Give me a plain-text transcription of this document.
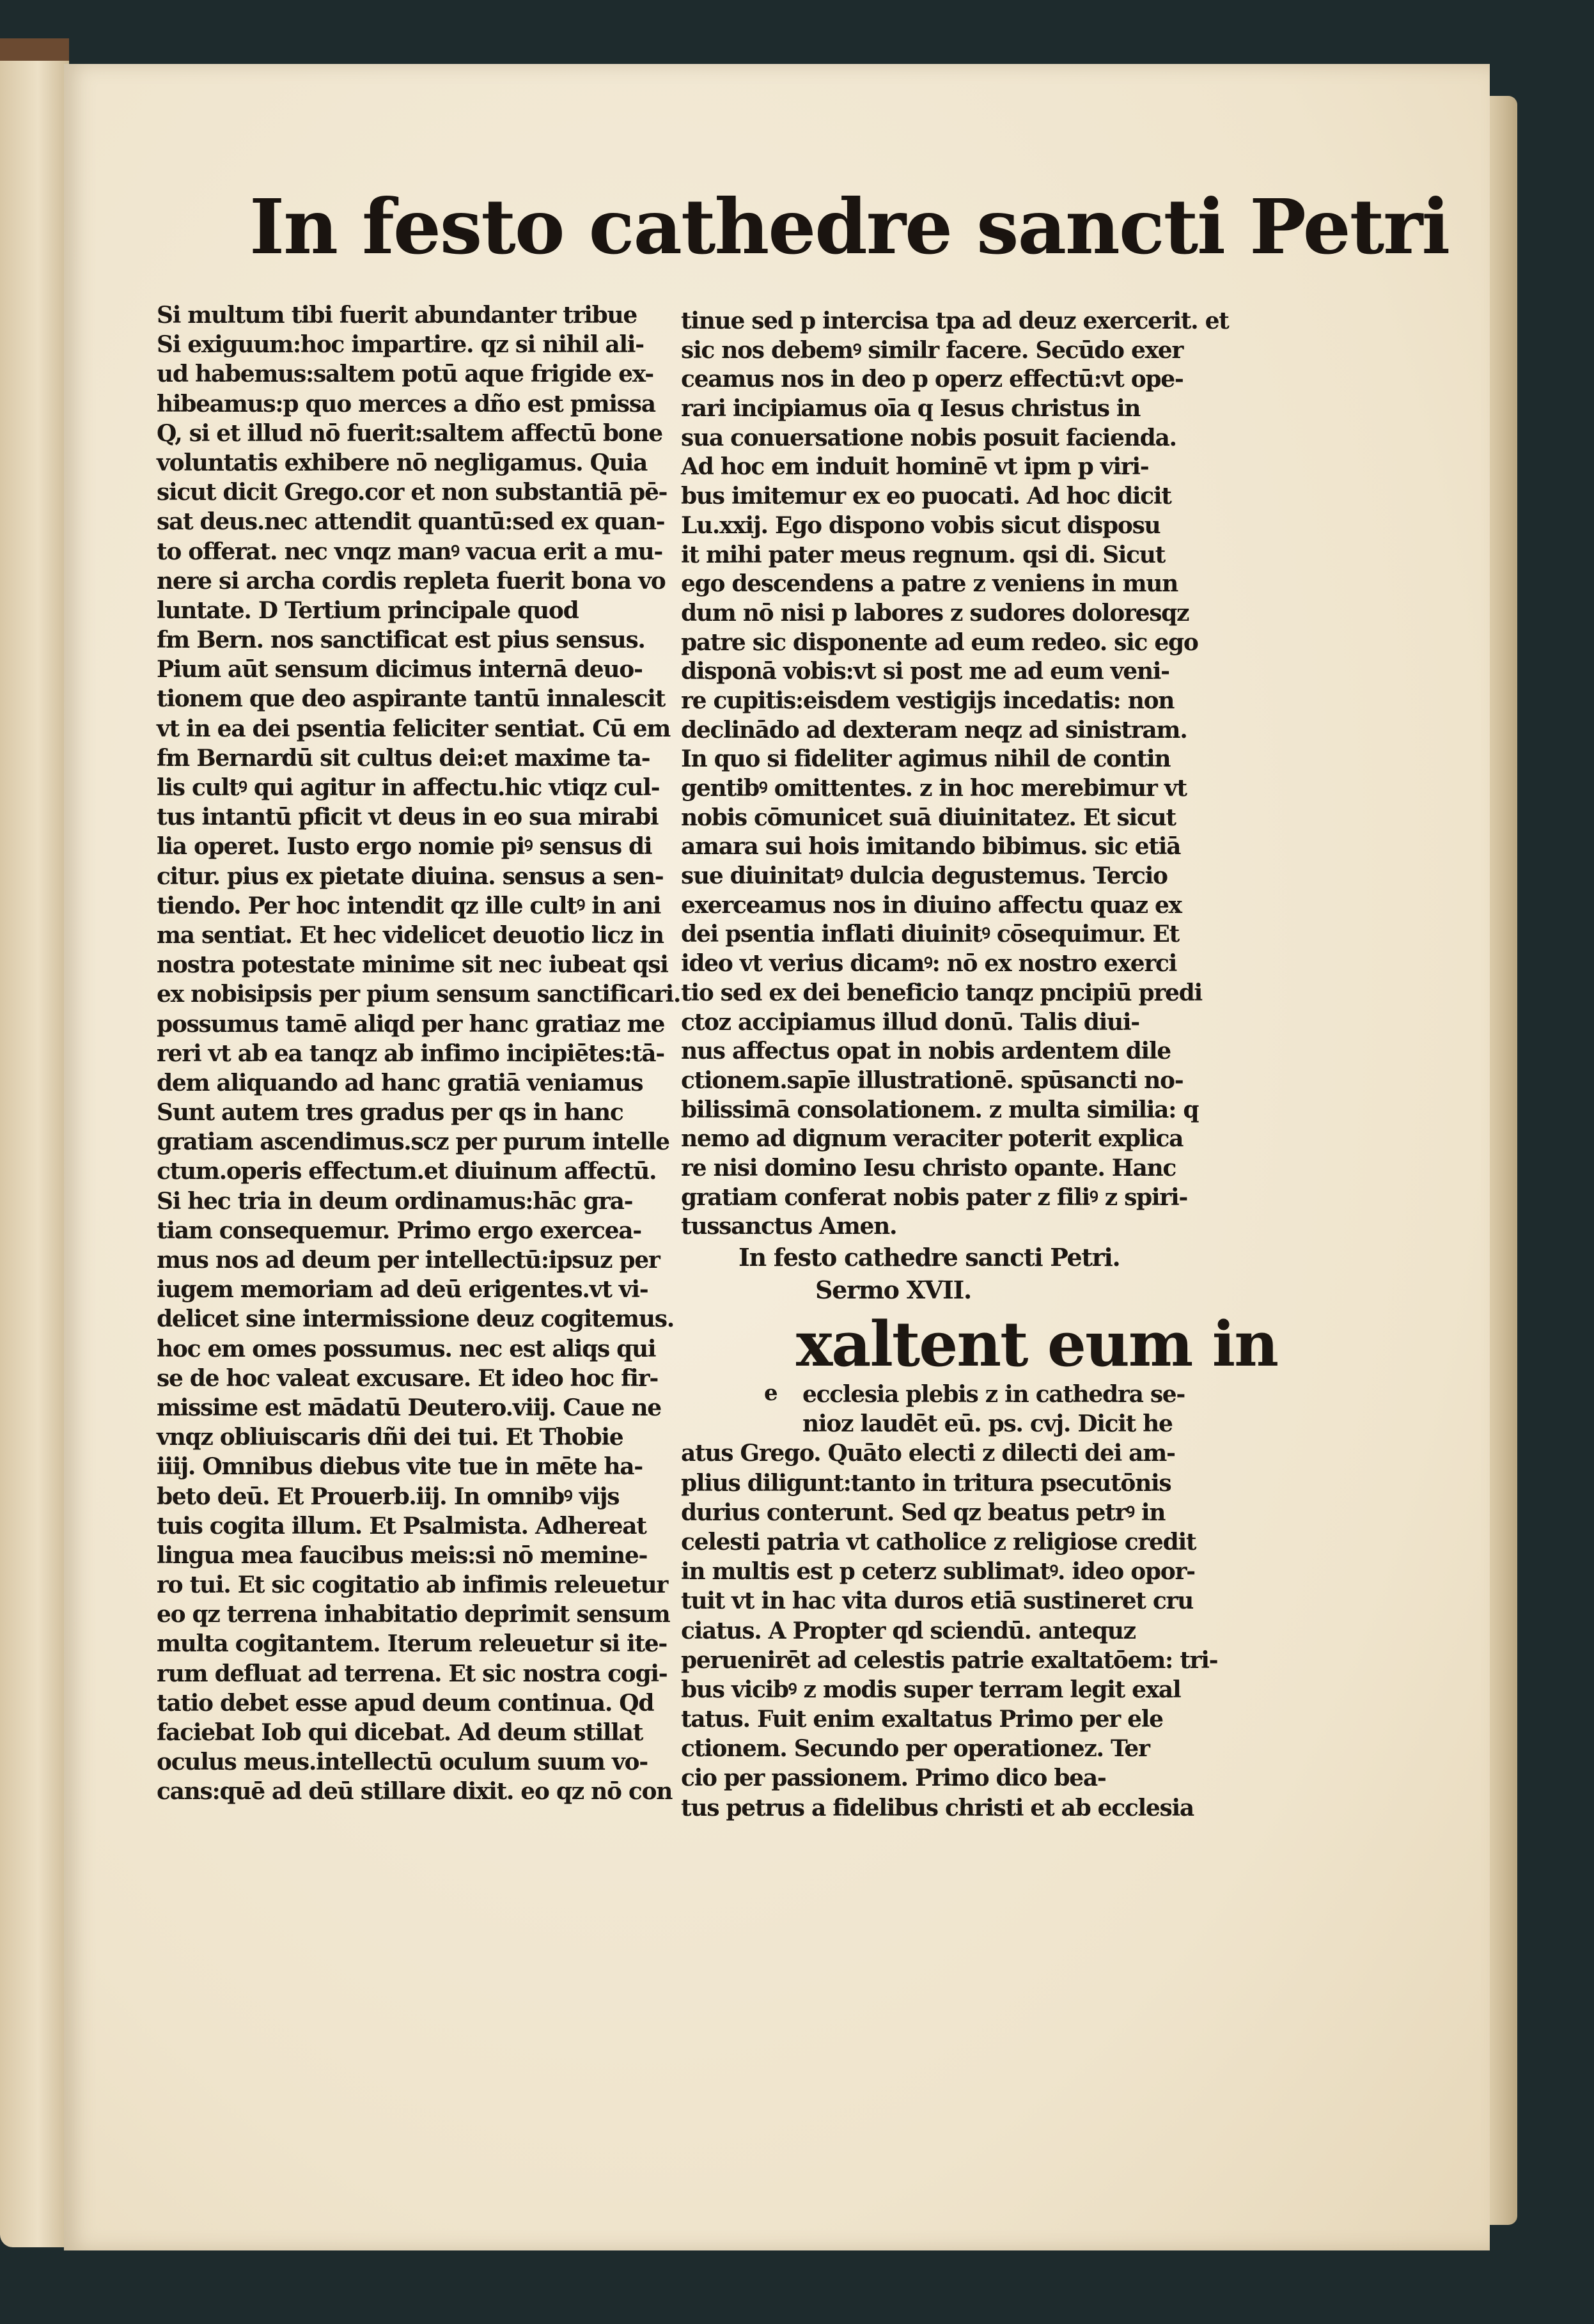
In festo cathedre sancti Petri
Si multum tibi fuerit abundanter tribue
Si exiguum:hoc impartire. qz si nihil ali-
ud habemus:saltem potū aque frigide ex-
hibeamus:p quo merces a dño est pmissa
Q, si et illud nō fuerit:saltem affectū bone
voluntatis exhibere nō negligamus. Quia
sicut dicit Grego.cor et non substantiā pē-
sat deus.nec attendit quantū:sed ex quan-
to offerat. nec vnqz manꝰ vacua erit a mu-
nere si archa cordis repleta fuerit bona vo
luntate. D Tertium principale quod
fm Bern. nos sanctificat est pius sensus.
Pium aūt sensum dicimus internā deuo-
tionem que deo aspirante tantū innalescit
vt in ea dei psentia feliciter sentiat. Cū em
fm Bernardū sit cultus dei:et maxime ta-
lis cultꝰ qui agitur in affectu.hic vtiqz cul-
tus intantū pficit vt deus in eo sua mirabi
lia operet. Iusto ergo nomie piꝰ sensus di
citur. pius ex pietate diuina. sensus a sen-
tiendo. Per hoc intendit qz ille cultꝰ in ani
ma sentiat. Et hec videlicet deuotio licz in
nostra potestate minime sit nec iubeat qsi
ex nobisipsis per pium sensum sanctificari.
possumus tamē aliqd per hanc gratiaz me
reri vt ab ea tanqz ab infimo incipiētes:tā-
dem aliquando ad hanc gratiā veniamus
Sunt autem tres gradus per qs in hanc
gratiam ascendimus.scz per purum intelle
ctum.operis effectum.et diuinum affectū.
Si hec tria in deum ordinamus:hāc gra-
tiam consequemur. Primo ergo exercea-
mus nos ad deum per intellectū:ipsuz per
iugem memoriam ad deū erigentes.vt vi-
delicet sine intermissione deuz cogitemus.
hoc em omes possumus. nec est aliqs qui
se de hoc valeat excusare. Et ideo hoc fir-
missime est mādatū Deutero.viij. Caue ne
vnqz obliuiscaris dñi dei tui. Et Thobie
iiij. Omnibus diebus vite tue in mēte ha-
beto deū. Et Prouerb.iij. In omnibꝰ vijs
tuis cogita illum. Et Psalmista. Adhereat
lingua mea faucibus meis:si nō memine-
ro tui. Et sic cogitatio ab infimis releuetur
eo qz terrena inhabitatio deprimit sensum
multa cogitantem. Iterum releuetur si ite-
rum defluat ad terrena. Et sic nostra cogi-
tatio debet esse apud deum continua. Qd
faciebat Iob qui dicebat. Ad deum stillat
oculus meus.intellectū oculum suum vo-
cans:quē ad deū stillare dixit. eo qz nō con
tinue sed p intercisa tpa ad deuz exercerit. et
sic nos debemꝰ similr facere. Secūdo exer
ceamus nos in deo p operz effectū:vt ope-
rari incipiamus oīa q Iesus christus in
sua conuersatione nobis posuit facienda.
Ad hoc em induit hominē vt ipm p viri-
bus imitemur ex eo puocati. Ad hoc dicit
Lu.xxij. Ego dispono vobis sicut disposu
it mihi pater meus regnum. qsi di. Sicut
ego descendens a patre z veniens in mun
dum nō nisi p labores z sudores doloresqz
patre sic disponente ad eum redeo. sic ego
disponā vobis:vt si post me ad eum veni-
re cupitis:eisdem vestigijs incedatis: non
declinādo ad dexteram neqz ad sinistram.
In quo si fideliter agimus nihil de contin
gentibꝰ omittentes. z in hoc merebimur vt
nobis cōmunicet suā diuinitatez. Et sicut
amara sui hois imitando bibimus. sic etiā
sue diuinitatꝰ dulcia degustemus. Tercio
exerceamus nos in diuino affectu quaz ex
dei psentia inflati diuinitꝰ cōsequimur. Et
ideo vt verius dicamꝰ: nō ex nostro exerci
tio sed ex dei beneficio tanqz pncipiū predi
ctoz accipiamus illud donū. Talis diui-
nus affectus opat in nobis ardentem dile
ctionem.sapīe illustrationē. spūsancti no-
bilissimā consolationem. z multa similia: q
nemo ad dignum veraciter poterit explica
re nisi domino Iesu christo opante. Hanc
gratiam conferat nobis pater z filiꝰ z spiri-
tussanctus Amen.
In festo cathedre sancti Petri.
Sermo XVII.
xaltent eum in
e	ecclesia plebis z in cathedra se-
nioz laudēt eū. ps. cvj. Dicit he
atus Grego. Quāto electi z dilecti dei am-
plius diligunt:tanto in tritura psecutōnis
durius conterunt. Sed qz beatus petrꝰ in
celesti patria vt catholice z religiose credit
in multis est p ceterz sublimatꝰ. ideo opor-
tuit vt in hac vita duros etiā sustineret cru
ciatus. A Propter qd sciendū. antequz
peruenirēt ad celestis patrie exaltatōem: tri-
bus vicibꝰ z modis super terram legit exal
tatus. Fuit enim exaltatus Primo per ele
ctionem. Secundo per operationez. Ter
cio per passionem. Primo dico bea-
tus petrus a fidelibus christi et ab ecclesia
